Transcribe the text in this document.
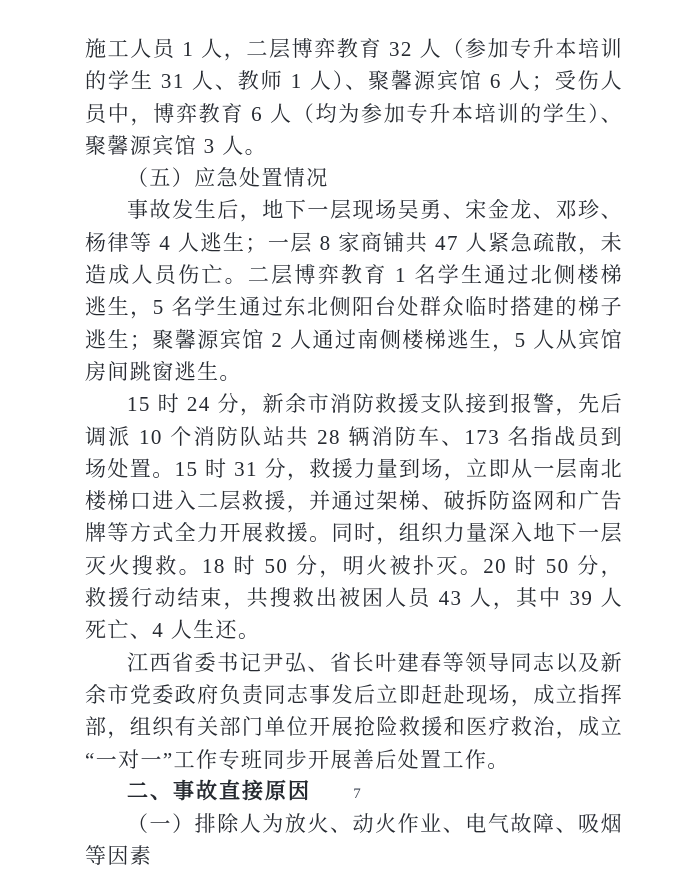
施工人员 1 人，二层博弈教育 32 人（参加专升本培训的学生 31 人、教师 1 人）、聚馨源宾馆 6 人；受伤人员中，博弈教育 6 人（均为参加专升本培训的学生）、聚馨源宾馆 3 人。

（五）应急处置情况

事故发生后，地下一层现场吴勇、宋金龙、邓珍、杨律等 4 人逃生；一层 8 家商铺共 47 人紧急疏散，未造成人员伤亡。二层博弈教育 1 名学生通过北侧楼梯逃生，5 名学生通过东北侧阳台处群众临时搭建的梯子逃生；聚馨源宾馆 2 人通过南侧楼梯逃生，5 人从宾馆房间跳窗逃生。

15 时 24 分，新余市消防救援支队接到报警，先后调派 10 个消防队站共 28 辆消防车、173 名指战员到场处置。15 时 31 分，救援力量到场，立即从一层南北楼梯口进入二层救援，并通过架梯、破拆防盗网和广告牌等方式全力开展救援。同时，组织力量深入地下一层灭火搜救。18 时 50 分，明火被扑灭。20 时 50 分，救援行动结束，共搜救出被困人员 43 人，其中 39 人死亡、4 人生还。

江西省委书记尹弘、省长叶建春等领导同志以及新余市党委政府负责同志事发后立即赶赴现场，成立指挥部，组织有关部门单位开展抢险救援和医疗救治，成立“一对一”工作专班同步开展善后处置工作。

二、事故直接原因

（一）排除人为放火、动火作业、电气故障、吸烟等因素

7
